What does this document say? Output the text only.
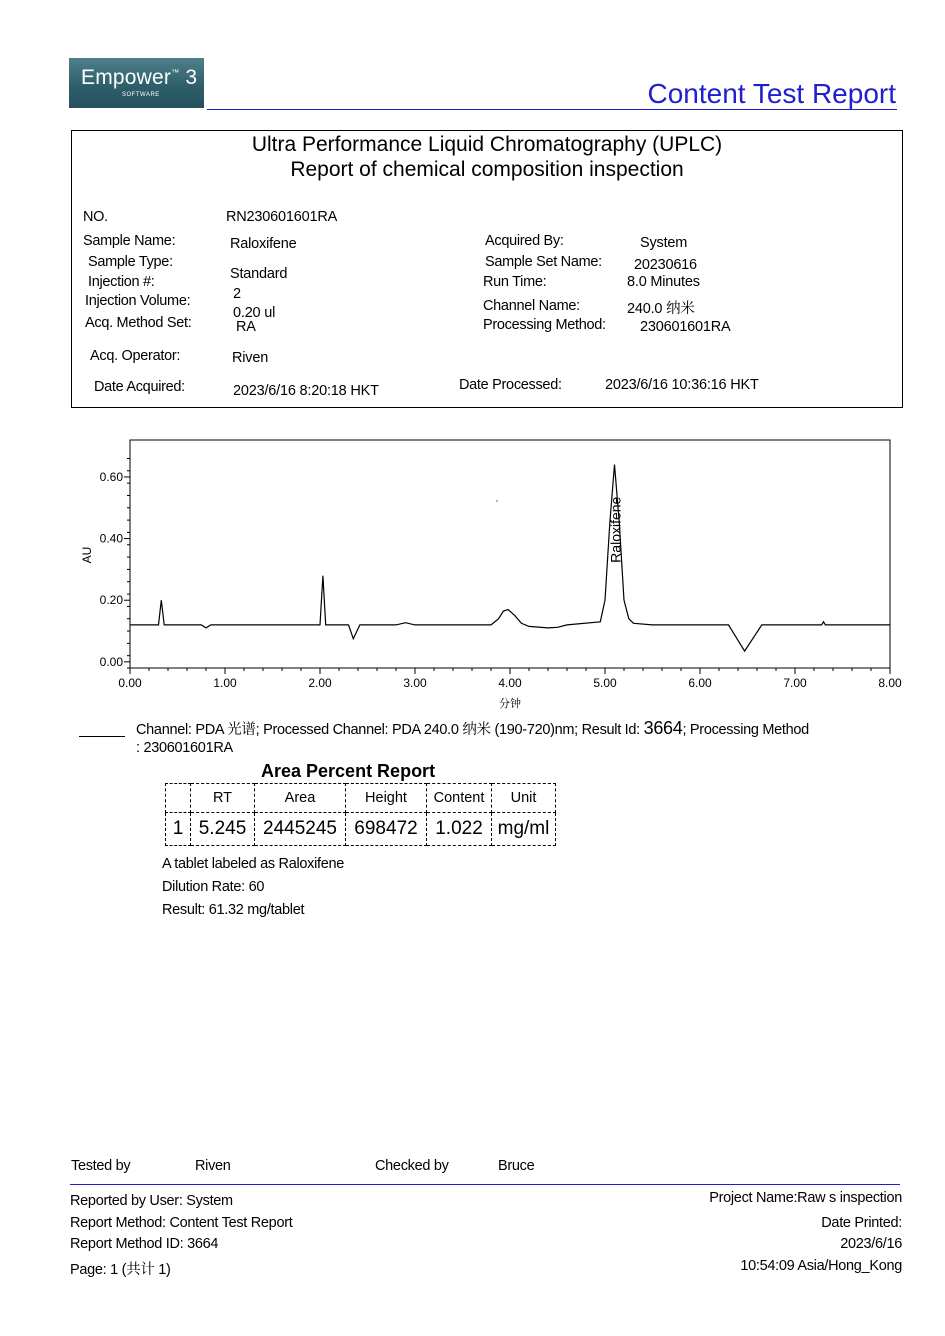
Empower™ 3
SOFTWARE	Content Test Report
Ultra Performance Liquid Chromatography (UPLC)
Report of chemical composition inspection
NO.	RN230601601RA
Sample Name:	Raloxifene
Sample Type:
Standard
Injection #:
2
Injection Volume:
0.20 ul
Acq. Method Set:	RA
Acq. Operator:	Riven
Date Acquired:	2023/6/16 8:20:18 HKT
Acquired By:	System
Sample Set Name: 20230616
Run Time:	8.0 Minutes
Channel Name:	240.0 纳米
Processing Method: 230601601RA
Date Processed:	2023/6/16 10:36:16 HKT
0.00
0.20
0.40
0.60
0.00	1.00	2.00	3.00	4.00	5.00	6.00	7.00	8.00
Raloxifene
AU
分钟
Channel: PDA 光谱; Processed Channel: PDA 240.0 纳米 (190-720)nm; Result Id: 3664; Processing Method
: 230601601RA
Area Percent Report
	RT	Area	Height	Content	Unit
1	5.245	2445245	698472	1.022	mg/ml
A tablet labeled as Raloxifene
Dilution Rate: 60
Result: 61.32 mg/tablet
Tested by	Riven	Checked by	Bruce
Reported by User: System
Report Method: Content Test Report
Report Method ID: 3664
Page: 1 (共计 1)
Project Name:Raw s inspection
Date Printed:
2023/6/16
10:54:09 Asia/Hong_Kong
